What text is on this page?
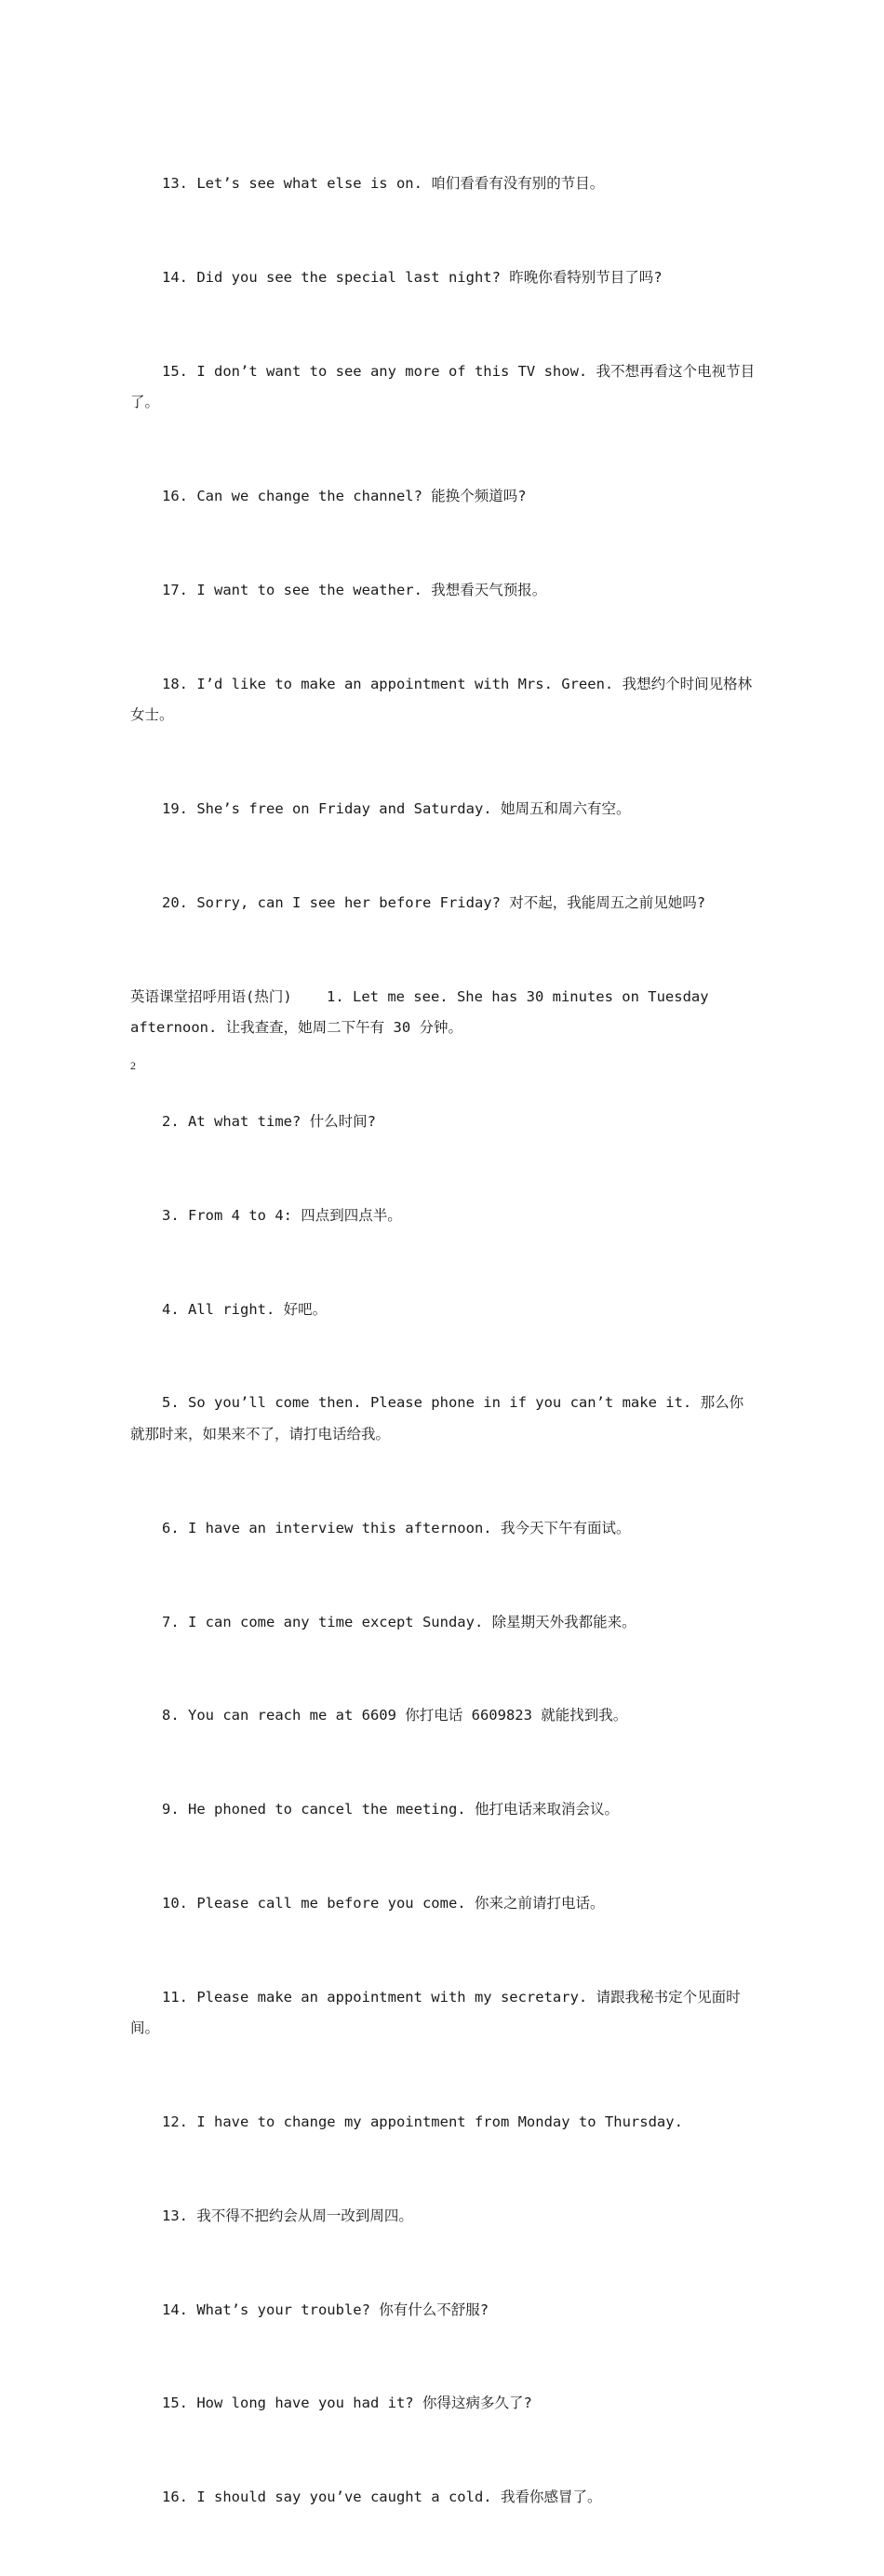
13. Let’s see what else is on. 咱们看看有没有别的节目。

14. Did you see the special last night? 昨晚你看特别节目了吗?

15. I don’t want to see any more of this TV show. 我不想再看这个电视节目了。

16. Can we change the channel? 能换个频道吗?

17. I want to see the weather. 我想看天气预报。

18. I’d like to make an appointment with Mrs. Green. 我想约个时间见格林女士。

19. She’s free on Friday and Saturday. 她周五和周六有空。

20. Sorry, can I see her before Friday? 对不起，我能周五之前见她吗?

英语课堂招呼用语(热门)    1. Let me see. She has 30 minutes on Tuesday afternoon. 让我查查，她周二下午有 30 分钟。

2. At what time? 什么时间?

3. From 4 to 4: 四点到四点半。

4. All right. 好吧。

5. So you’ll come then. Please phone in if you can’t make it. 那么你就那时来，如果来不了，请打电话给我。

6. I have an interview this afternoon. 我今天下午有面试。

7. I can come any time except Sunday. 除星期天外我都能来。

8. You can reach me at 6609 你打电话 6609823 就能找到我。

9. He phoned to cancel the meeting. 他打电话来取消会议。

10. Please call me before you come. 你来之前请打电话。

11. Please make an appointment with my secretary. 请跟我秘书定个见面时间。

12. I have to change my appointment from Monday to Thursday.

13. 我不得不把约会从周一改到周四。

14. What’s your trouble? 你有什么不舒服?

15. How long have you had it? 你得这病多久了?

16. I should say you’ve caught a cold. 我看你感冒了。

2
